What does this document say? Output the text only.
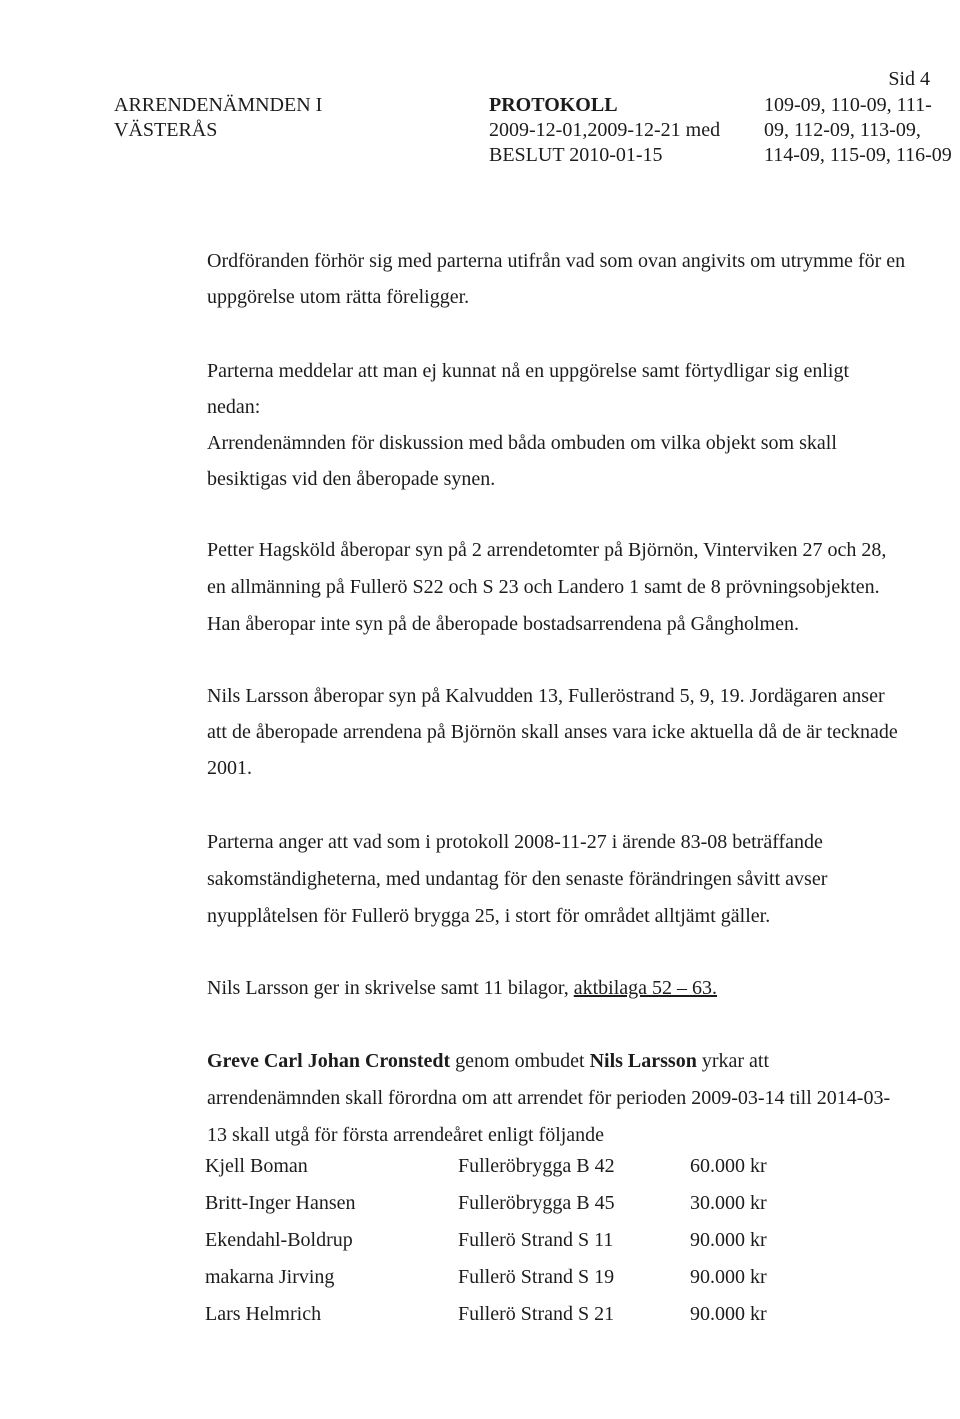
Sid 4
ARRENDENÄMNDEN I
VÄSTERÅS
PROTOKOLL
2009-12-01,2009-12-21 med
BESLUT 2010-01-15
109-09, 110-09, 111-
09, 112-09, 113-09,
114-09, 115-09, 116-09
Ordföranden förhör sig med parterna utifrån vad som ovan angivits om utrymme för en
uppgörelse utom rätta föreligger.
Parterna meddelar att man ej kunnat nå en uppgörelse samt förtydligar sig enligt
nedan:
Arrendenämnden för diskussion med båda ombuden om vilka objekt som skall
besiktigas vid den åberopade synen.
Petter Hagsköld åberopar syn på 2 arrendetomter på Björnön, Vinterviken 27 och 28,
en allmänning på Fullerö S22 och S 23 och Landero 1 samt de 8 prövningsobjekten.
Han åberopar inte syn på de åberopade bostadsarrendena på Gångholmen.
Nils Larsson åberopar syn på Kalvudden 13, Fulleröstrand 5, 9, 19. Jordägaren anser
att de åberopade arrendena på Björnön skall anses vara icke aktuella då de är tecknade
2001.
Parterna anger att vad som i protokoll 2008-11-27 i ärende 83-08 beträffande
sakomständigheterna, med undantag för den senaste förändringen såvitt avser
nyupplåtelsen för Fullerö brygga 25, i stort för området alltjämt gäller.
Nils Larsson ger in skrivelse samt 11 bilagor, aktbilaga 52 – 63.
Greve Carl Johan Cronstedt genom ombudet Nils Larsson yrkar att
arrendenämnden skall förordna om att arrendet för perioden 2009-03-14 till 2014-03-
13 skall utgå för första arrendeåret enligt följande
Kjell Boman	Fulleröbrygga B 42	60.000 kr
Britt-Inger Hansen	Fulleröbrygga B 45	30.000 kr
Ekendahl-Boldrup	Fullerö Strand S 11	90.000 kr
makarna Jirving	Fullerö Strand S 19	90.000 kr
Lars Helmrich	Fullerö Strand S 21	90.000 kr
